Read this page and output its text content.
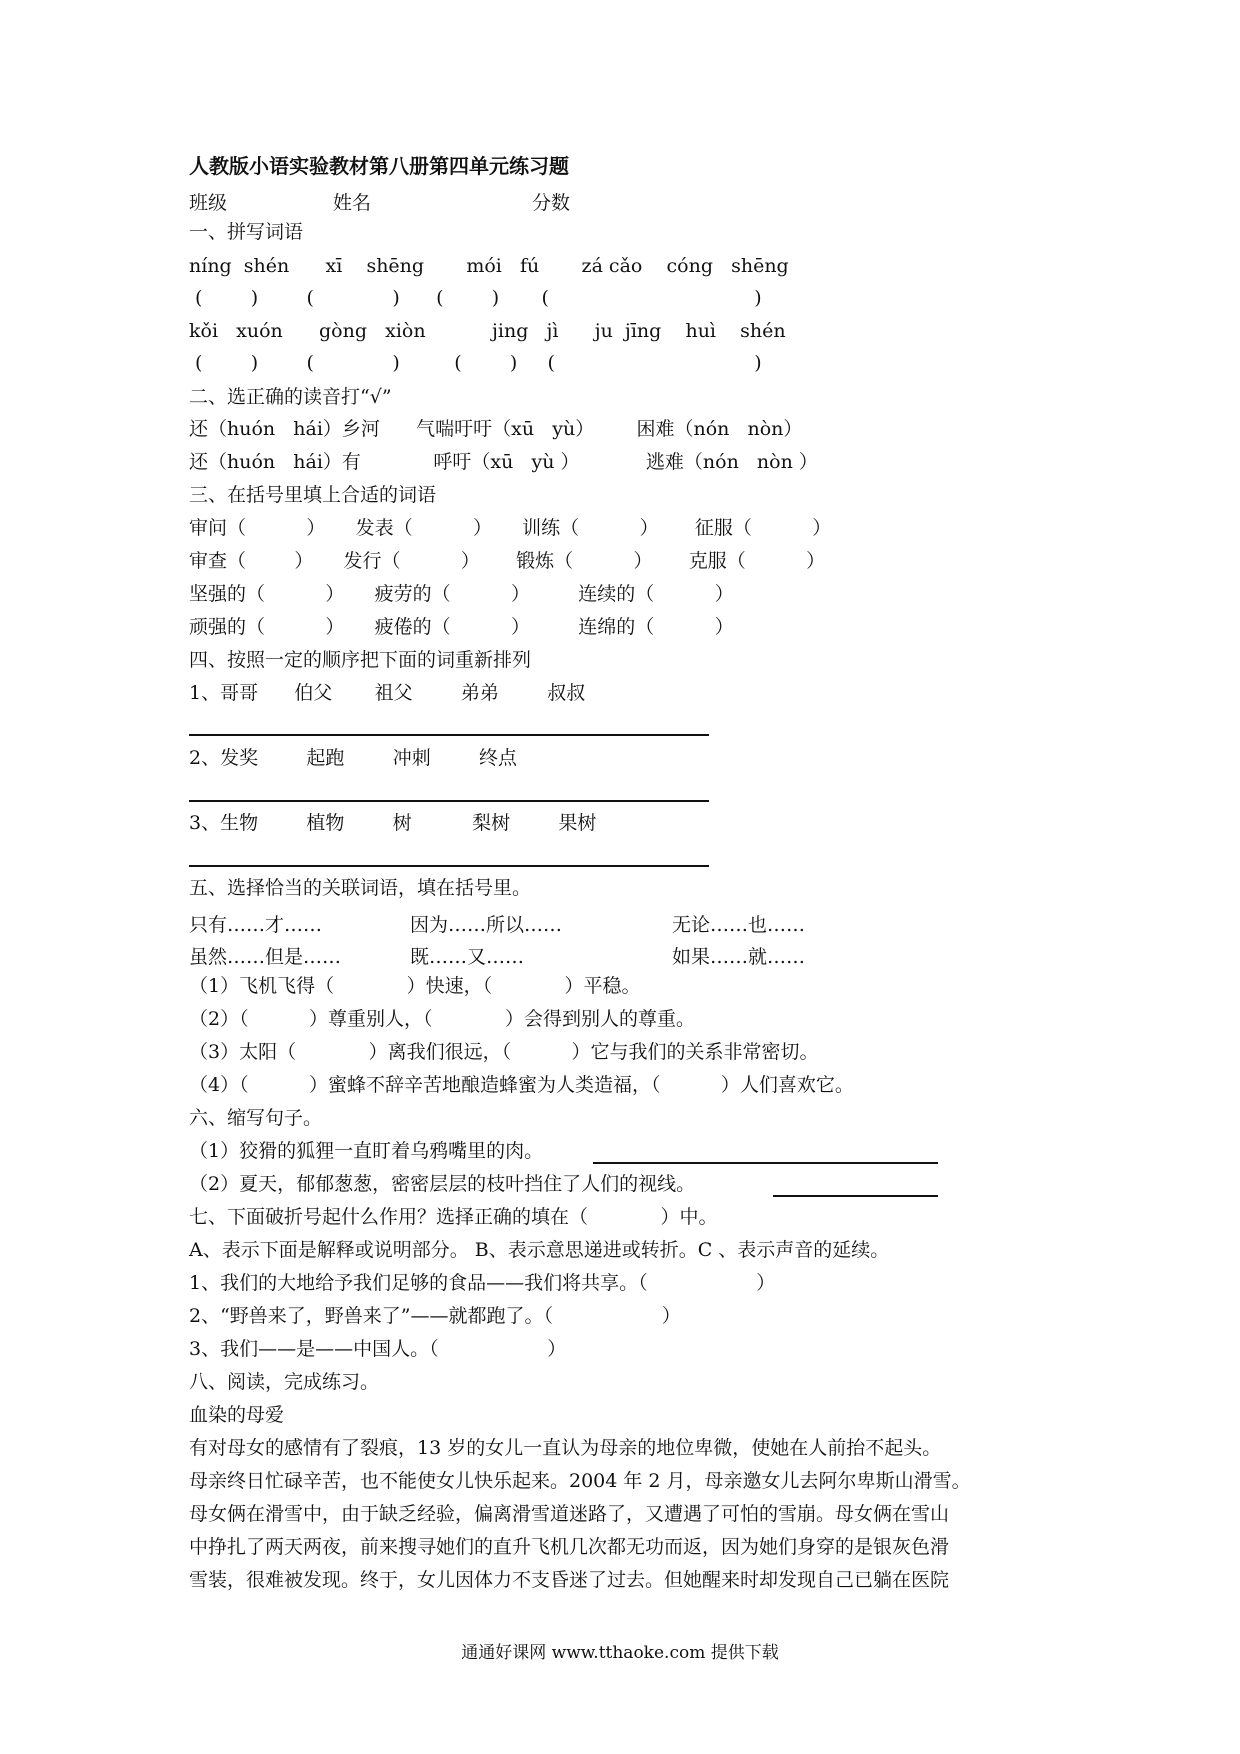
人教版小语实验教材第八册第四单元练习题
班级	姓名	分数
一、拼写词语
níng  shén      xī    shēng       mói   fú       zá cǎo    cóng   shēng
(        )        (             )      (        )       (                                  )
kǒi   xuón      gòng   xiòn           jing   jì      ju  jīng    huì    shén
(        )        (             )         (        )     (                                 )
二、选正确的读音打“√”
还（huón   hái）乡河      气喘吁吁（xū   yù）       困难（nón   nòn）
还（huón   hái）有            呼吁（xū   yù ）           逃难（nón   nòn ）
三、在括号里填上合适的词语
审问（          ）     发表（          ）     训练（          ）      征服（          ）
审查（        ）     发行（          ）      锻炼（          ）      克服（          ）
坚强的（          ）     疲劳的（          ）        连续的（          ）
顽强的（          ）     疲倦的（          ）        连绵的（          ）
四、按照一定的顺序把下面的词重新排列
1、哥哥      伯父       祖父        弟弟        叔叔
2、发奖        起跑        冲刺        终点
3、生物        植物        树          梨树        果树
五、选择恰当的关联词语，填在括号里。
只有……才……	因为……所以……	无论……也……
虽然……但是……	既……又……	如果……就……
（1）飞机飞得（            ）快速，（            ）平稳。
（2）（          ）尊重别人，（            ）会得到别人的尊重。
（3）太阳（            ）离我们很远，（          ）它与我们的关系非常密切。
（4）（          ）蜜蜂不辞辛苦地酿造蜂蜜为人类造福，（          ）人们喜欢它。
六、缩写句子。
（1）狡猾的狐狸一直盯着乌鸦嘴里的肉。
（2）夏天，郁郁葱葱，密密层层的枝叶挡住了人们的视线。
七、下面破折号起什么作用？选择正确的填在（            ）中。
A、表示下面是解释或说明部分。 B、表示意思递进或转折。C 、表示声音的延续。
1、我们的大地给予我们足够的食品——我们将共享。（                  ）
2、“野兽来了，野兽来了”——就都跑了。（                  ）
3、我们——是——中国人。（                  ）
八、阅读，完成练习。
血染的母爱
有对母女的感情有了裂痕，13 岁的女儿一直认为母亲的地位卑微，使她在人前抬不起头。
母亲终日忙碌辛苦，也不能使女儿快乐起来。2004 年 2 月，母亲邀女儿去阿尔卑斯山滑雪。
母女俩在滑雪中，由于缺乏经验，偏离滑雪道迷路了，又遭遇了可怕的雪崩。母女俩在雪山
中挣扎了两天两夜，前来搜寻她们的直升飞机几次都无功而返，因为她们身穿的是银灰色滑
雪装，很难被发现。终于，女儿因体力不支昏迷了过去。但她醒来时却发现自己已躺在医院
通通好课网 www.tthaoke.com 提供下载
